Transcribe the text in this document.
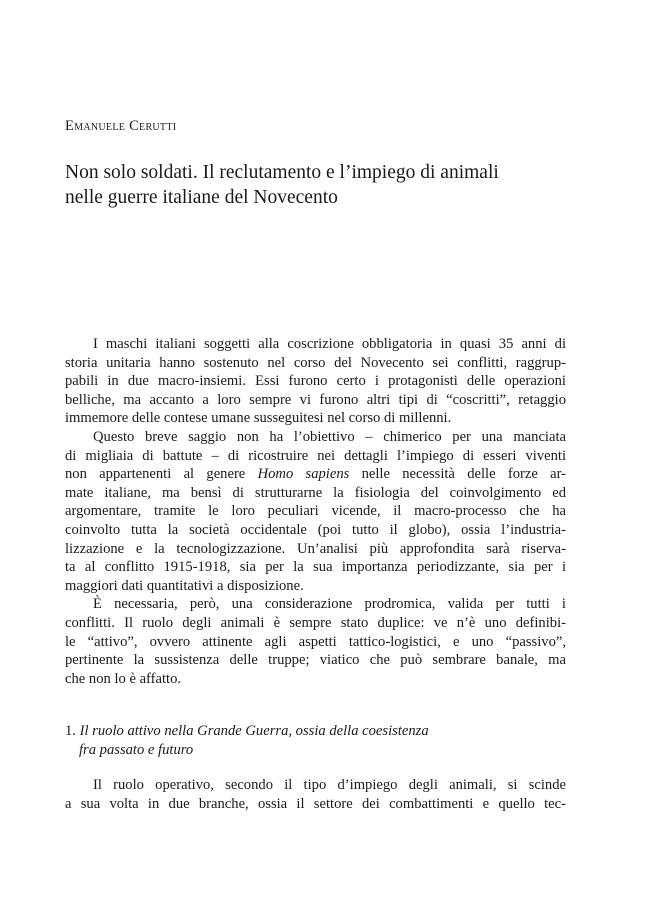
Emanuele Cerutti
Non solo soldati. Il reclutamento e l’impiego di animali
nelle guerre italiane del Novecento

I maschi italiani soggetti alla coscrizione obbligatoria in quasi 35 anni di
storia unitaria hanno sostenuto nel corso del Novecento sei conflitti, raggrup-
pabili in due macro-insiemi. Essi furono certo i protagonisti delle operazioni
belliche, ma accanto a loro sempre vi furono altri tipi di “coscritti”, retaggio
immemore delle contese umane susseguitesi nel corso di millenni.

Questo breve saggio non ha l’obiettivo – chimerico per una manciata
di migliaia di battute – di ricostruire nei dettagli l’impiego di esseri viventi
non appartenenti al genere Homo sapiens nelle necessità delle forze ar-
mate italiane, ma bensì di strutturarne la fisiologia del coinvolgimento ed
argomentare, tramite le loro peculiari vicende, il macro-processo che ha
coinvolto tutta la società occidentale (poi tutto il globo), ossia l’industria-
lizzazione e la tecnologizzazione. Un’analisi più approfondita sarà riserva-
ta al conflitto 1915-1918, sia per la sua importanza periodizzante, sia per i
maggiori dati quantitativi a disposizione.

È necessaria, però, una considerazione prodromica, valida per tutti i
conflitti. Il ruolo degli animali è sempre stato duplice: ve n’è uno definibi-
le “attivo”, ovvero attinente agli aspetti tattico-logistici, e uno “passivo”,
pertinente la sussistenza delle truppe; viatico che può sembrare banale, ma
che non lo è affatto.

1. Il ruolo attivo nella Grande Guerra, ossia della coesistenza
fra passato e futuro

Il ruolo operativo, secondo il tipo d’impiego degli animali, si scinde
a sua volta in due branche, ossia il settore dei combattimenti e quello tec-
